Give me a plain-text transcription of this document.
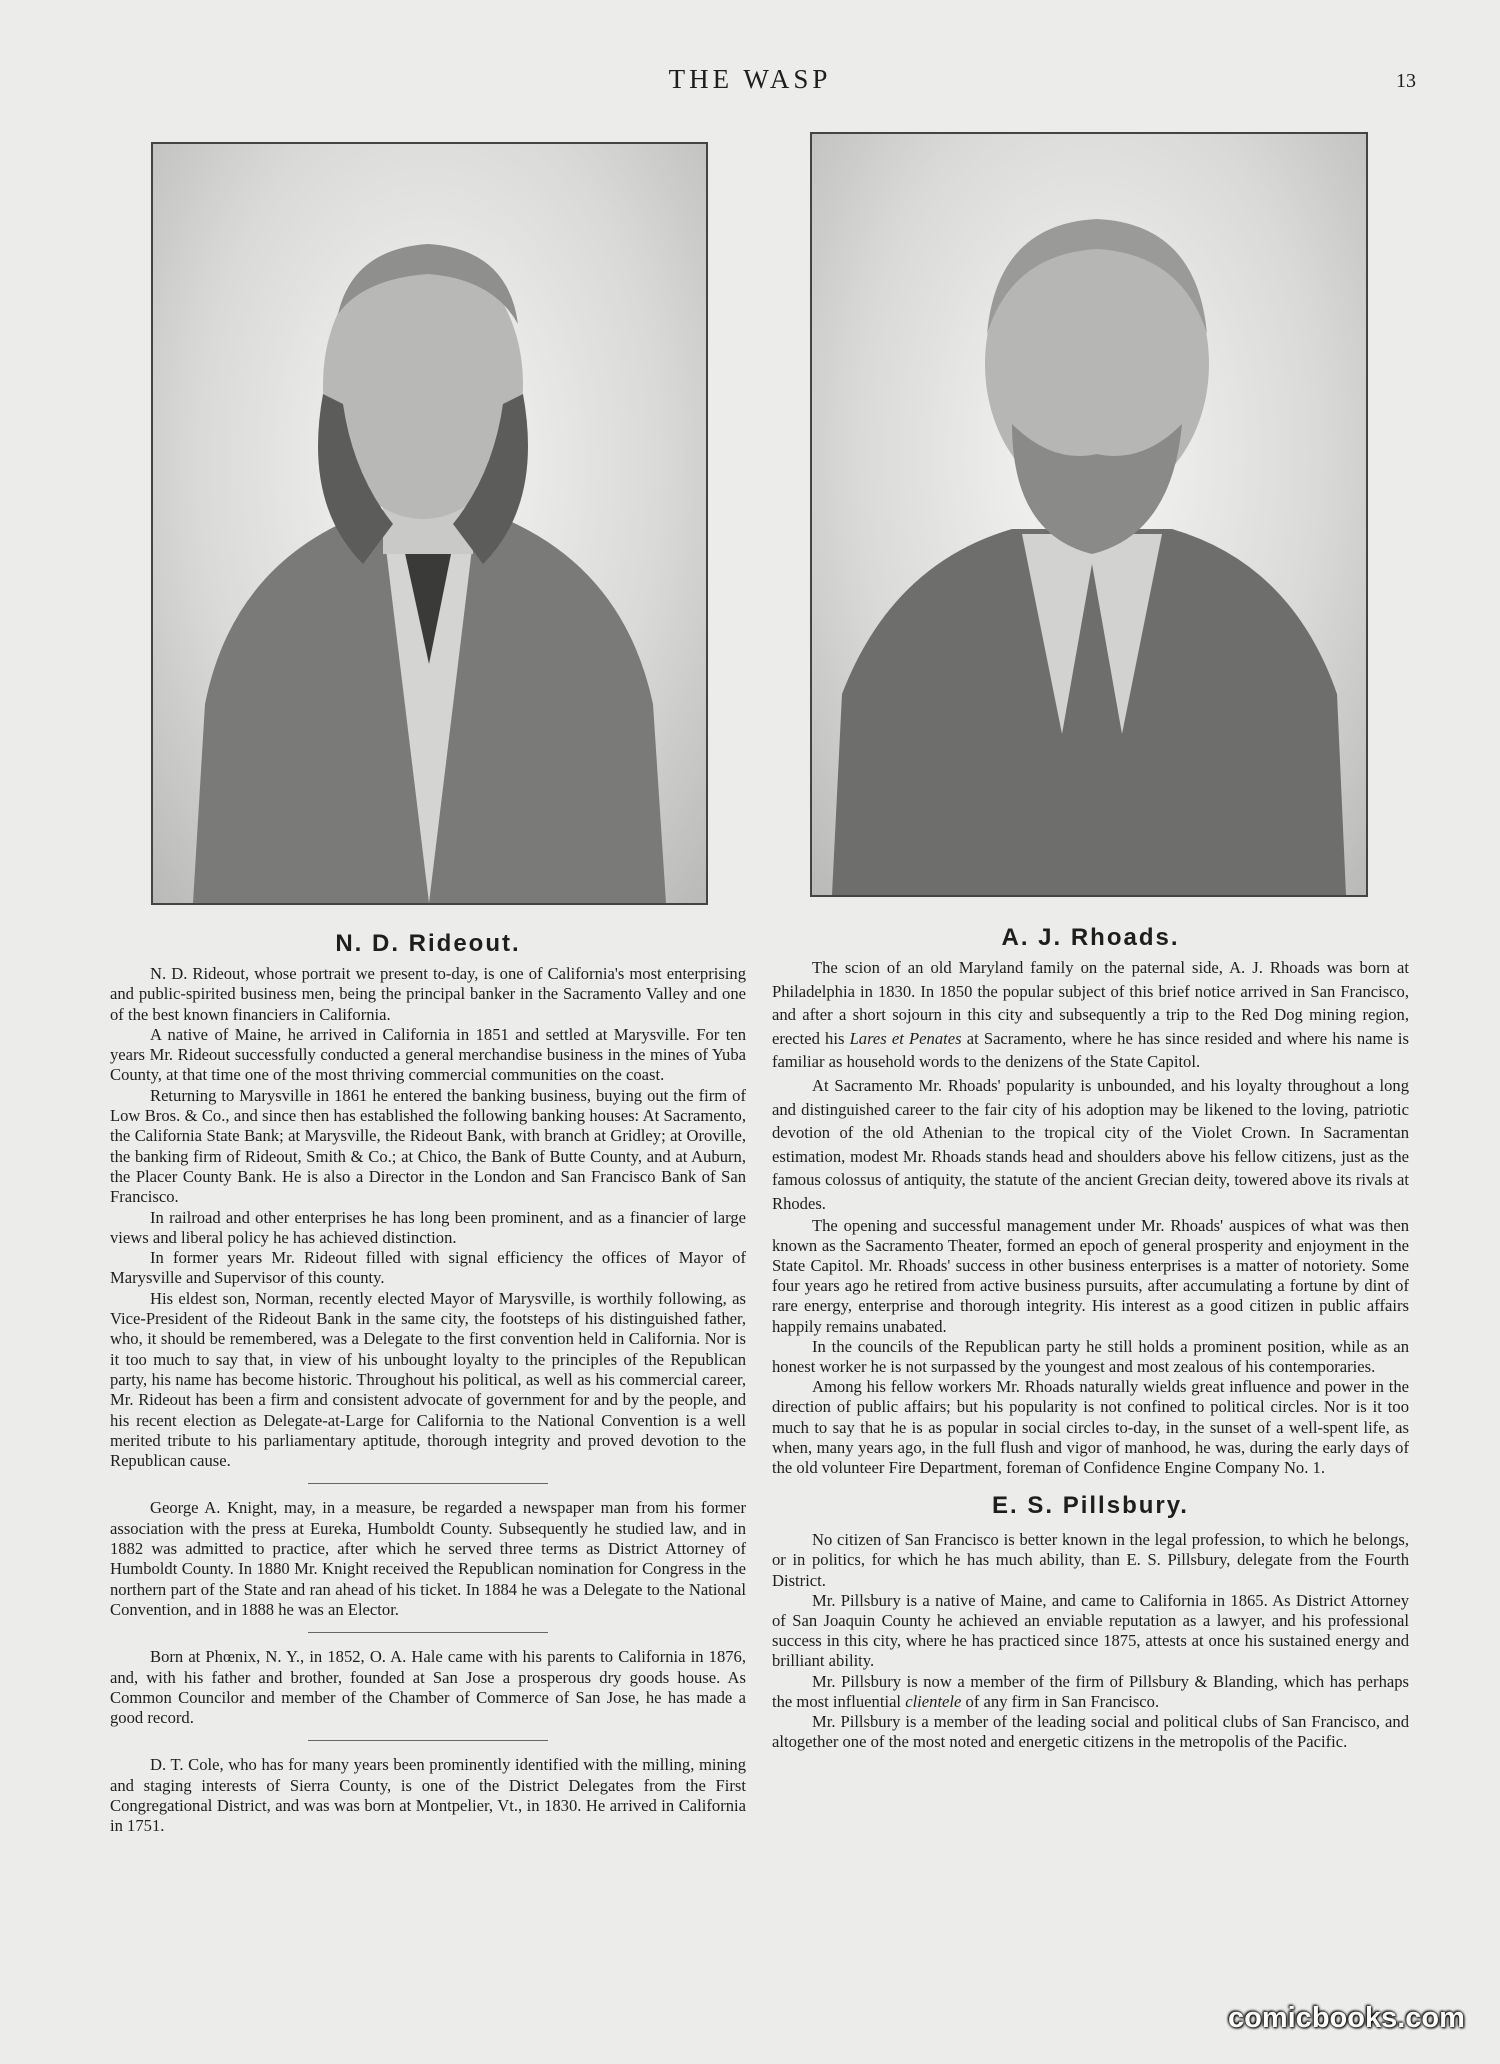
THE WASP	13
N. D. Rideout.

N. D. Rideout, whose portrait we present to-day, is one of California's most enterprising and public-spirited business men, being the principal banker in the Sacramento Valley and one of the best known financiers in California.

A native of Maine, he arrived in California in 1851 and settled at Marysville. For ten years Mr. Rideout successfully conducted a general merchandise business in the mines of Yuba County, at that time one of the most thriving commercial communities on the coast.

Returning to Marysville in 1861 he entered the banking business, buying out the firm of Low Bros. & Co., and since then has established the following banking houses: At Sacramento, the California State Bank; at Marysville, the Rideout Bank, with branch at Gridley; at Oroville, the banking firm of Rideout, Smith & Co.; at Chico, the Bank of Butte County, and at Auburn, the Placer County Bank. He is also a Director in the London and San Francisco Bank of San Francisco.

In railroad and other enterprises he has long been prominent, and as a financier of large views and liberal policy he has achieved distinction.

In former years Mr. Rideout filled with signal efficiency the offices of Mayor of Marysville and Supervisor of this county.

His eldest son, Norman, recently elected Mayor of Marysville, is worthily following, as Vice-President of the Rideout Bank in the same city, the footsteps of his distinguished father, who, it should be remembered, was a Delegate to the first convention held in California. Nor is it too much to say that, in view of his unbought loyalty to the principles of the Republican party, his name has become historic. Throughout his political, as well as his commercial career, Mr. Rideout has been a firm and consistent advocate of government for and by the people, and his recent election as Delegate-at-Large for California to the National Convention is a well merited tribute to his parliamentary aptitude, thorough integrity and proved devotion to the Republican cause.

George A. Knight, may, in a measure, be regarded a newspaper man from his former association with the press at Eureka, Humboldt County. Subsequently he studied law, and in 1882 was admitted to practice, after which he served three terms as District Attorney of Humboldt County. In 1880 Mr. Knight received the Republican nomination for Congress in the northern part of the State and ran ahead of his ticket. In 1884 he was a Delegate to the National Convention, and in 1888 he was an Elector.

Born at Phœnix, N. Y., in 1852, O. A. Hale came with his parents to California in 1876, and, with his father and brother, founded at San Jose a prosperous dry goods house. As Common Councilor and member of the Chamber of Commerce of San Jose, he has made a good record.

D. T. Cole, who has for many years been prominently identified with the milling, mining and staging interests of Sierra County, is one of the District Delegates from the First Congregational District, and was was born at Montpelier, Vt., in 1830. He arrived in California in 1751.

A. J. Rhoads.

The scion of an old Maryland family on the paternal side, A. J. Rhoads was born at Philadelphia in 1830. In 1850 the popular subject of this brief notice arrived in San Francisco, and after a short sojourn in this city and subsequently a trip to the Red Dog mining region, erected his Lares et Penates at Sacramento, where he has since resided and where his name is familiar as household words to the denizens of the State Capitol.

At Sacramento Mr. Rhoads' popularity is unbounded, and his loyalty throughout a long and distinguished career to the fair city of his adoption may be likened to the loving, patriotic devotion of the old Athenian to the tropical city of the Violet Crown. In Sacramentan estimation, modest Mr. Rhoads stands head and shoulders above his fellow citizens, just as the famous colossus of antiquity, the statute of the ancient Grecian deity, towered above its rivals at Rhodes.

The opening and successful management under Mr. Rhoads' auspices of what was then known as the Sacramento Theater, formed an epoch of general prosperity and enjoyment in the State Capitol. Mr. Rhoads' success in other business enterprises is a matter of notoriety. Some four years ago he retired from active business pursuits, after accumulating a fortune by dint of rare energy, enterprise and thorough integrity. His interest as a good citizen in public affairs happily remains unabated.

In the councils of the Republican party he still holds a prominent position, while as an honest worker he is not surpassed by the youngest and most zealous of his contemporaries.

Among his fellow workers Mr. Rhoads naturally wields great influence and power in the direction of public affairs; but his popularity is not confined to political circles. Nor is it too much to say that he is as popular in social circles to-day, in the sunset of a well-spent life, as when, many years ago, in the full flush and vigor of manhood, he was, during the early days of the old volunteer Fire Department, foreman of Confidence Engine Company No. 1.

E. S. Pillsbury.

No citizen of San Francisco is better known in the legal profession, to which he belongs, or in politics, for which he has much ability, than E. S. Pillsbury, delegate from the Fourth District.

Mr. Pillsbury is a native of Maine, and came to California in 1865. As District Attorney of San Joaquin County he achieved an enviable reputation as a lawyer, and his professional success in this city, where he has practiced since 1875, attests at once his sustained energy and brilliant ability.

Mr. Pillsbury is now a member of the firm of Pillsbury & Blanding, which has perhaps the most influential clientele of any firm in San Francisco.

Mr. Pillsbury is a member of the leading social and political clubs of San Francisco, and altogether one of the most noted and energetic citizens in the metropolis of the Pacific.

comicbooks.com
